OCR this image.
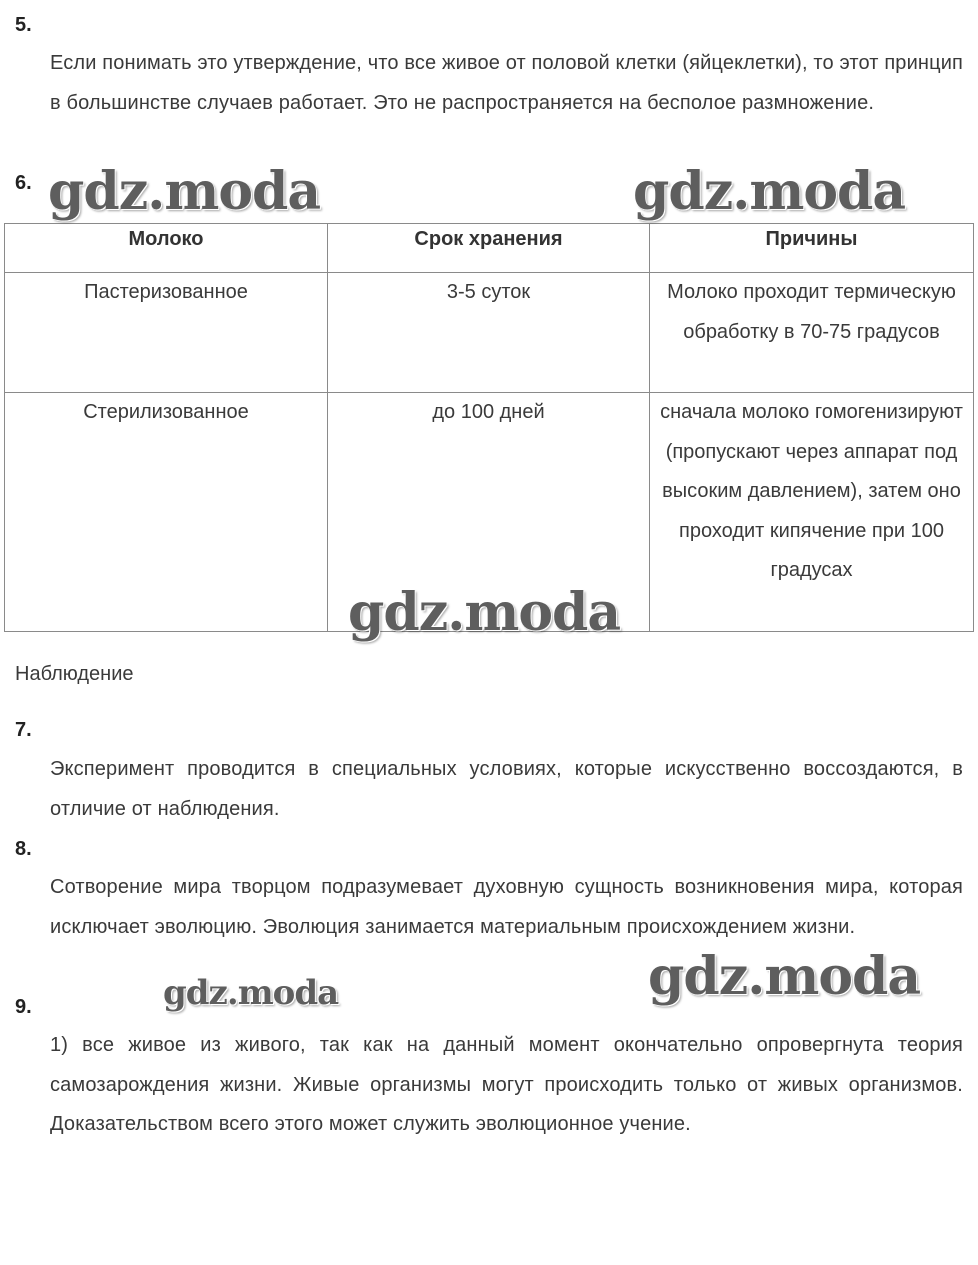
5.
Если понимать это утверждение, что все живое от половой клетки (яйцеклетки), то этот принцип в большинстве случаев работает. Это не распространяется на бесполое размножение.
6.
Молоко	Срок хранения	Причины
Пастеризованное	3-5 суток	Молоко проходит термическую обработку в 70-75 градусов
Стерилизованное	до 100 дней	сначала молоко гомогенизируют (пропускают через аппарат под высоким давлением), затем оно проходит кипячение при 100 градусах
Наблюдение
7.
Эксперимент проводится в специальных условиях, которые искусственно воссоздаются, в отличие от наблюдения.
8.
Сотворение мира творцом подразумевает духовную сущность возникновения мира, которая исключает эволюцию. Эволюция занимается материальным происхождением жизни.
9.
1) все живое из живого, так как на данный момент окончательно опровергнута теория самозарождения жизни. Живые организмы могут происходить только от живых организмов. Доказательством всего этого может служить эволюционное учение.
gdz.moda	gdz.moda
gdz.moda
gdz.moda
gdz.moda
